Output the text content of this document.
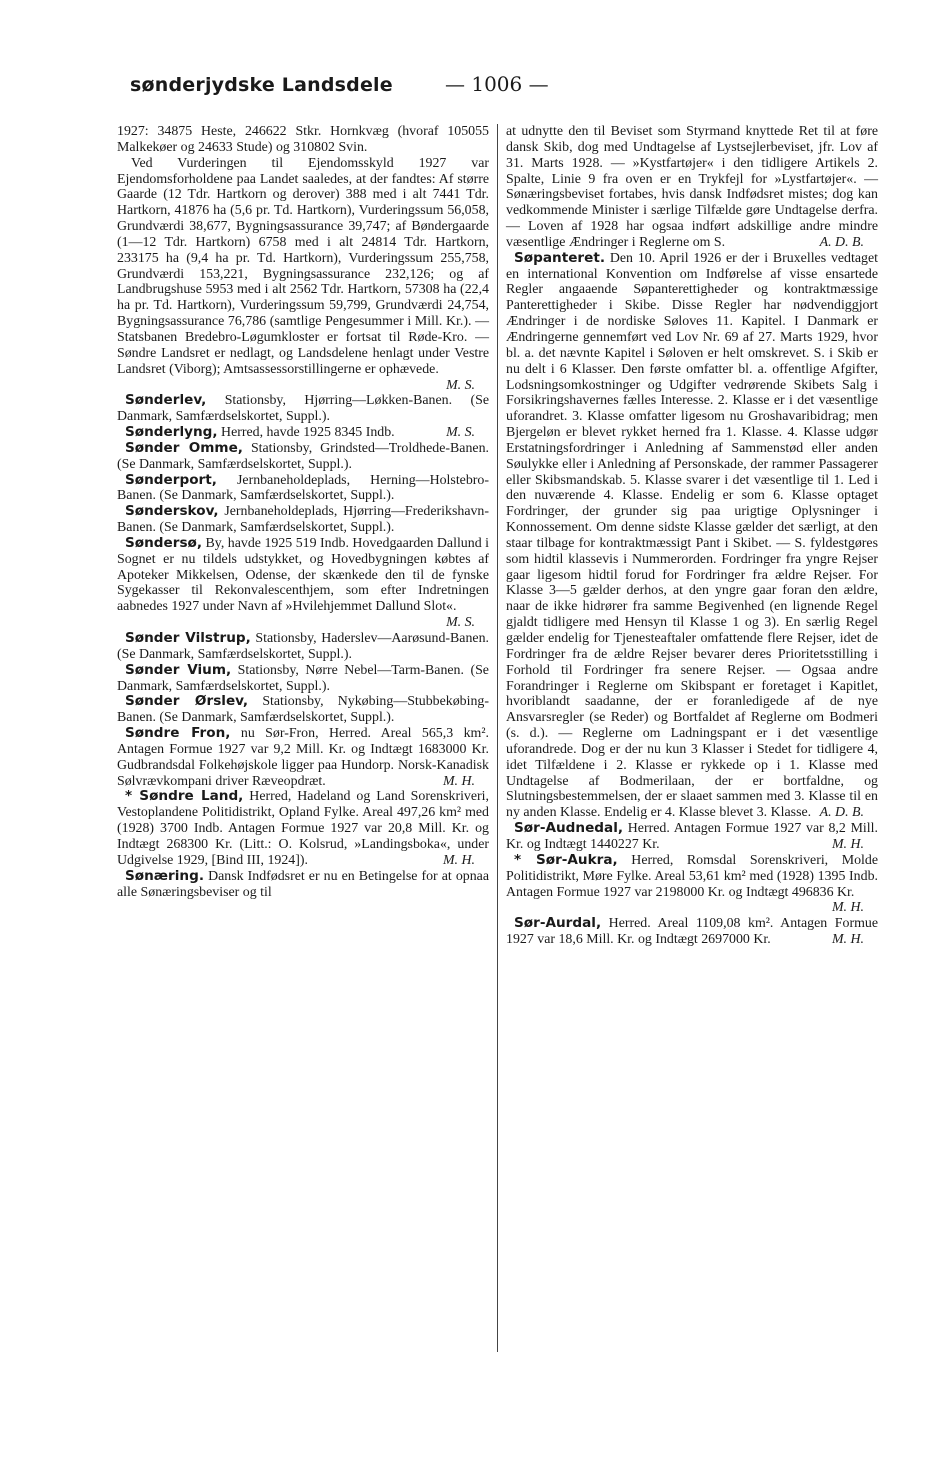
sønderjydske Landsdele	— 1006 —

1927: 34875 Heste, 246622 Stkr. Hornkvæg (hvoraf 105055 Malkekøer og 24633 Stude) og 310802 Svin.

Ved Vurderingen til Ejendomsskyld 1927 var Ejendomsforholdene paa Landet saaledes, at der fandtes: Af større Gaarde (12 Tdr. Hartkorn og derover) 388 med i alt 7441 Tdr. Hartkorn, 41876 ha (5,6 pr. Td. Hartkorn), Vurderingssum 56,058, Grundværdi 38,677, Bygningsassurance 39,747; af Bøndergaarde (1—12 Tdr. Hartkorn) 6758 med i alt 24814 Tdr. Hartkorn, 233175 ha (9,4 ha pr. Td. Hartkorn), Vurderingssum 255,758, Grundværdi 153,221, Bygningsassurance 232,126; og af Landbrugshuse 5953 med i alt 2562 Tdr. Hartkorn, 57308 ha (22,4 ha pr. Td. Hartkorn), Vurderingssum 59,799, Grundværdi 24,754, Bygningsassurance 76,786 (samtlige Pengesummer i Mill. Kr.). — Statsbanen Bredebro-Løgumkloster er fortsat til Røde-Kro. — Søndre Landsret er nedlagt, og Landsdelene henlagt under Vestre Landsret (Viborg); Amtsassessorstillingerne er ophævede.
M. S.

Sønderlev, Stationsby, Hjørring—Løkken-Banen. (Se Danmark, Samfærdselskortet, Suppl.).

Sønderlyng, Herred, havde 1925 8345 Indb.	M. S.

Sønder Omme, Stationsby, Grindsted—Troldhede-Banen. (Se Danmark, Samfærdselskortet, Suppl.).

Sønderport, Jernbaneholdeplads, Herning—Holstebro-Banen. (Se Danmark, Samfærdselskortet, Suppl.).

Sønderskov, Jernbaneholdeplads, Hjørring—Frederikshavn-Banen. (Se Danmark, Samfærdselskortet, Suppl.).

Søndersø, By, havde 1925 519 Indb. Hovedgaarden Dallund i Sognet er nu tildels udstykket, og Hovedbygningen købtes af Apoteker Mikkelsen, Odense, der skænkede den til de fynske Sygekasser til Rekonvalescenthjem, som efter Indretningen aabnedes 1927 under Navn af »Hvilehjemmet Dallund Slot«.
M. S.

Sønder Vilstrup, Stationsby, Haderslev—Aarøsund-Banen. (Se Danmark, Samfærdselskortet, Suppl.).

Sønder Vium, Stationsby, Nørre Nebel—Tarm-Banen. (Se Danmark, Samfærdselskortet, Suppl.).

Sønder Ørslev, Stationsby, Nykøbing—Stubbekøbing-Banen. (Se Danmark, Samfærdselskortet, Suppl.).

Søndre Fron, nu Sør-Fron, Herred. Areal 565,3 km². Antagen Formue 1927 var 9,2 Mill. Kr. og Indtægt 1683000 Kr. Gudbrandsdal Folkehøjskole ligger paa Hundorp. Norsk-Kanadisk Sølvrævkompani driver Ræveopdræt.	M. H.

* Søndre Land, Herred, Hadeland og Land Sorenskriveri, Vestoplandene Politidistrikt, Opland Fylke. Areal 497,26 km² med (1928) 3700 Indb. Antagen Formue 1927 var 20,8 Mill. Kr. og Indtægt 268300 Kr. (Litt.: O. Kolsrud, »Landingsboka«, under Udgivelse 1929, [Bind III, 1924]).	M. H.

Sønæring. Dansk Indfødsret er nu en Betingelse for at opnaa alle Sønæringsbeviser og til

at udnytte den til Beviset som Styrmand knyttede Ret til at føre dansk Skib, dog med Undtagelse af Lystsejlerbeviset, jfr. Lov af 31. Marts 1928. — »Kystfartøjer« i den tidligere Artikels 2. Spalte, Linie 9 fra oven er en Trykfejl for »Lystfartøjer«. — Sønæringsbeviset fortabes, hvis dansk Indfødsret mistes; dog kan vedkommende Minister i særlige Tilfælde gøre Undtagelse derfra. — Loven af 1928 har ogsaa indført adskillige andre mindre væsentlige Ændringer i Reglerne om S.	A. D. B.

Søpanteret. Den 10. April 1926 er der i Bruxelles vedtaget en international Konvention om Indførelse af visse ensartede Regler angaaende Søpanterettigheder og kontraktmæssige Panterettigheder i Skibe. Disse Regler har nødvendiggjort Ændringer i de nordiske Søloves 11. Kapitel. I Danmark er Ændringerne gennemført ved Lov Nr. 69 af 27. Marts 1929, hvor bl. a. det nævnte Kapitel i Søloven er helt omskrevet. S. i Skib er nu delt i 6 Klasser. Den første omfatter bl. a. offentlige Afgifter, Lodsningsomkostninger og Udgifter vedrørende Skibets Salg i Forsikringshavernes fælles Interesse. 2. Klasse er i det væsentlige uforandret. 3. Klasse omfatter ligesom nu Groshavaribidrag; men Bjergeløn er blevet rykket herned fra 1. Klasse. 4. Klasse udgør Erstatningsfordringer i Anledning af Sammenstød eller anden Søulykke eller i Anledning af Personskade, der rammer Passagerer eller Skibsmandskab. 5. Klasse svarer i det væsentlige til 1. Led i den nuværende 4. Klasse. Endelig er som 6. Klasse optaget Fordringer, der grunder sig paa urigtige Oplysninger i Konnossement. Om denne sidste Klasse gælder det særligt, at den staar tilbage for kontraktmæssigt Pant i Skibet. — S. fyldestgøres som hidtil klassevis i Nummerorden. Fordringer fra yngre Rejser gaar ligesom hidtil forud for Fordringer fra ældre Rejser. For Klasse 3—5 gælder derhos, at den yngre gaar foran den ældre, naar de ikke hidrører fra samme Begivenhed (en lignende Regel gjaldt tidligere med Hensyn til Klasse 1 og 3). En særlig Regel gælder endelig for Tjenesteaftaler omfattende flere Rejser, idet de Fordringer fra de ældre Rejser bevarer deres Prioritetsstilling i Forhold til Fordringer fra senere Rejser. — Ogsaa andre Forandringer i Reglerne om Skibspant er foretaget i Kapitlet, hvoriblandt saadanne, der er foranledigede af de nye Ansvarsregler (se Reder) og Bortfaldet af Reglerne om Bodmeri (s. d.). — Reglerne om Ladningspant er i det væsentlige uforandrede. Dog er der nu kun 3 Klasser i Stedet for tidligere 4, idet Tilfældene i 2. Klasse er rykkede op i 1. Klasse med Undtagelse af Bodmerilaan, der er bortfaldne, og Slutningsbestemmelsen, der er slaaet sammen med 3. Klasse til en ny anden Klasse. Endelig er 4. Klasse blevet 3. Klasse. A. D. B.

Sør-Audnedal, Herred. Antagen Formue 1927 var 8,2 Mill. Kr. og Indtægt 1440227 Kr.	M. H.

* Sør-Aukra, Herred, Romsdal Sorenskriveri, Molde Politidistrikt, Møre Fylke. Areal 53,61 km² med (1928) 1395 Indb. Antagen Formue 1927 var 2198000 Kr. og Indtægt 496836 Kr.
M. H.

Sør-Aurdal, Herred. Areal 1109,08 km². Antagen Formue 1927 var 18,6 Mill. Kr. og Indtægt 2697000 Kr.	M. H.
